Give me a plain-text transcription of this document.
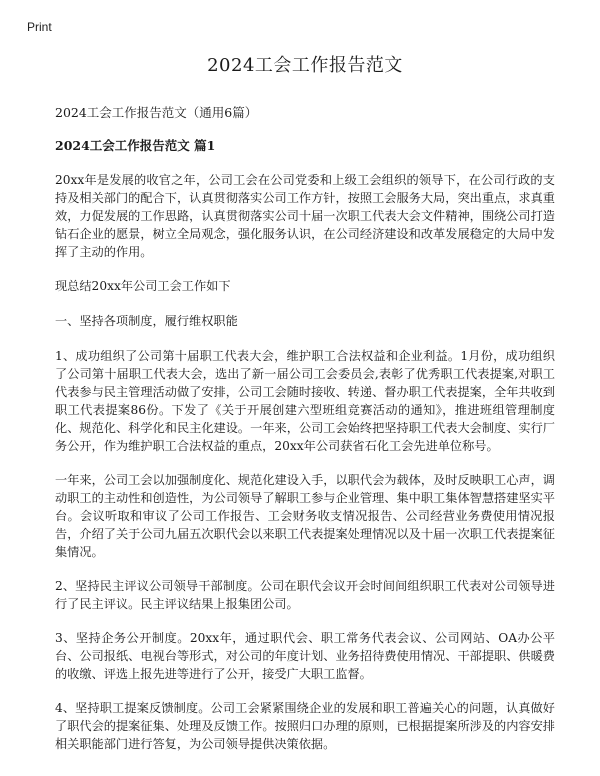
Print
2024工会工作报告范文
2024工会工作报告范文（通用6篇）
2024工会工作报告范文 篇1

20xx年是发展的收官之年，公司工会在公司党委和上级工会组织的领导下，在公司行政的支持及相关部门的配合下，认真贯彻落实公司工作方针，按照工会服务大局，突出重点，求真重效，力促发展的工作思路，认真贯彻落实公司十届一次职工代表大会文件精神，围绕公司打造钻石企业的愿景，树立全局观念，强化服务认识，在公司经济建设和改革发展稳定的大局中发挥了主动的作用。

现总结20xx年公司工会工作如下

一、坚持各项制度，履行维权职能

1、成功组织了公司第十届职工代表大会，维护职工合法权益和企业利益。1月份，成功组织了公司第十届职工代表大会，选出了新一届公司工会委员会,表彰了优秀职工代表提案,对职工代表参与民主管理活动做了安排，公司工会随时接收、转递、督办职工代表提案，全年共收到职工代表提案86份。下发了《关于开展创建六型班组竞赛活动的通知》，推进班组管理制度化、规范化、科学化和民主化建设。一年来，公司工会始终把坚持职工代表大会制度、实行厂务公开，作为维护职工合法权益的重点，20xx年公司获省石化工会先进单位称号。

一年来，公司工会以加强制度化、规范化建设入手，以职代会为载体，及时反映职工心声，调动职工的主动性和创造性，为公司领导了解职工参与企业管理、集中职工集体智慧搭建坚实平台。会议听取和审议了公司工作报告、工会财务收支情况报告、公司经营业务费使用情况报告，介绍了关于公司九届五次职代会以来职工代表提案处理情况以及十届一次职工代表提案征集情况。

2、坚持民主评议公司领导干部制度。公司在职代会议开会时间间组织职工代表对公司领导进行了民主评议。民主评议结果上报集团公司。

3、坚持企务公开制度。20xx年，通过职代会、职工常务代表会议、公司网站、OA办公平台、公司报纸、电视台等形式，对公司的年度计划、业务招待费使用情况、干部提职、供暖费的收缴、评选上报先进等进行了公开，接受广大职工监督。

4、坚持职工提案反馈制度。公司工会紧紧围绕企业的发展和职工普遍关心的问题，认真做好了职代会的提案征集、处理及反馈工作。按照归口办理的原则，已根据提案所涉及的内容安排相关职能部门进行答复，为公司领导提供决策依据。
